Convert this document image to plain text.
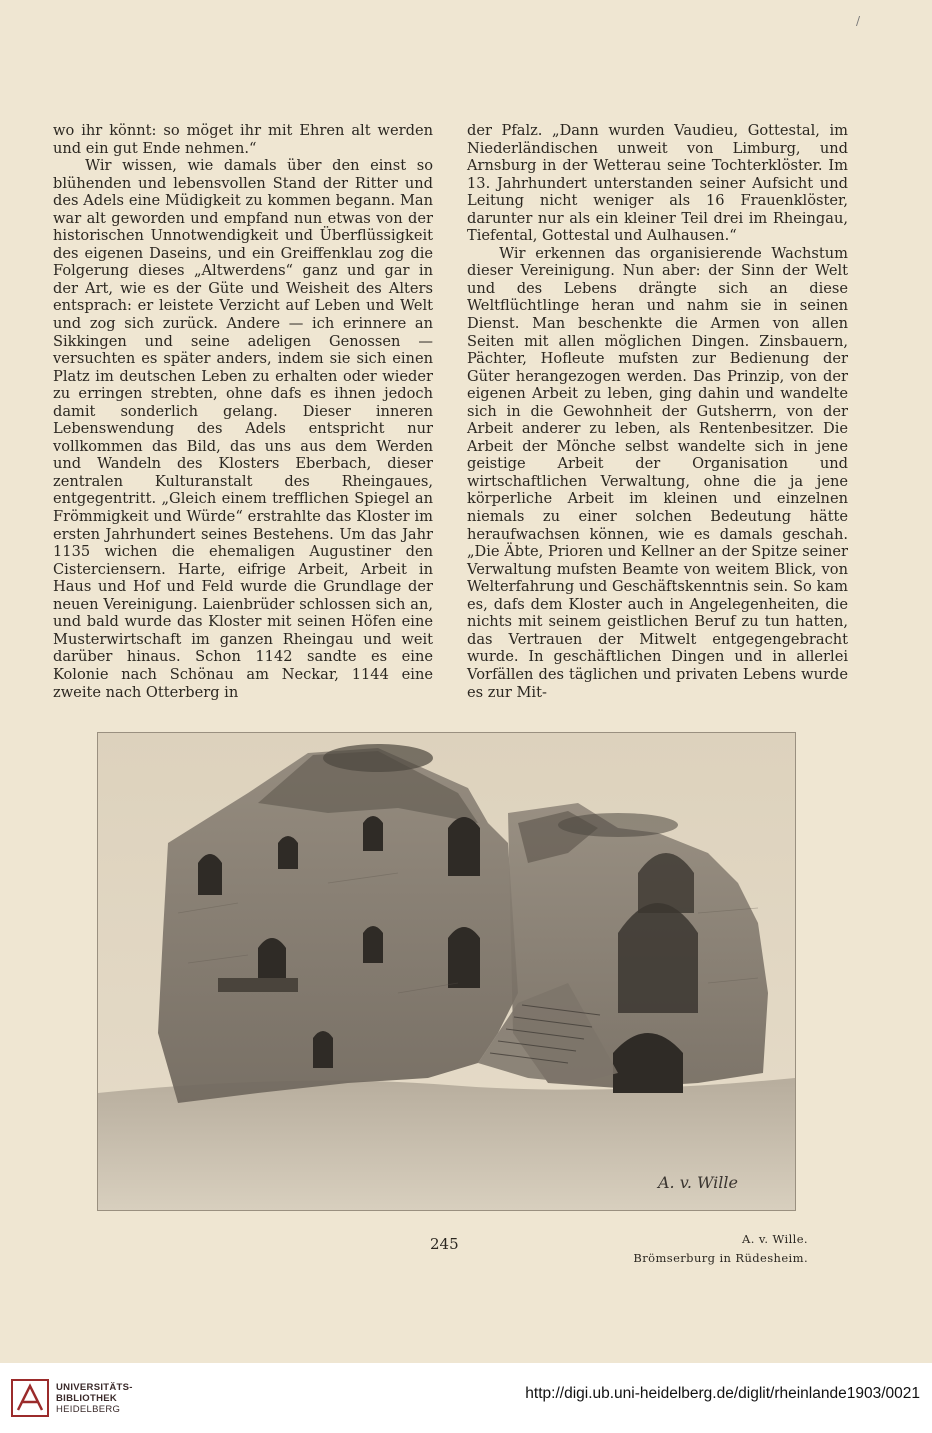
/

wo ihr könnt: so möget ihr mit Ehren alt werden und ein gut Ende nehmen.“

Wir wissen, wie damals über den einst so blühenden und lebensvollen Stand der Ritter und des Adels eine Müdigkeit zu kommen begann. Man war alt geworden und empfand nun etwas von der historischen Unnotwendigkeit und Überflüssigkeit des eigenen Daseins, und ein Greiffenklau zog die Folgerung dieses „Altwerdens“ ganz und gar in der Art, wie es der Güte und Weisheit des Alters entsprach: er leistete Verzicht auf Leben und Welt und zog sich zurück. Andere — ich erinnere an Sikkingen und seine adeligen Genossen — versuchten es später anders, indem sie sich einen Platz im deutschen Leben zu erhalten oder wieder zu erringen strebten, ohne dafs es ihnen jedoch damit sonderlich gelang. Dieser inneren Lebenswendung des Adels entspricht nur vollkommen das Bild, das uns aus dem Werden und Wandeln des Klosters Eberbach, dieser zentralen Kulturanstalt des Rheingaues, entgegentritt. „Gleich einem trefflichen Spiegel an Frömmigkeit und Würde“ erstrahlte das Kloster im ersten Jahrhundert seines Bestehens. Um das Jahr 1135 wichen die ehemaligen Augustiner den Cisterciensern. Harte, eifrige Arbeit, Arbeit in Haus und Hof und Feld wurde die Grundlage der neuen Vereinigung. Laienbrüder schlossen sich an, und bald wurde das Kloster mit seinen Höfen eine Musterwirtschaft im ganzen Rheingau und weit darüber hinaus. Schon 1142 sandte es eine Kolonie nach Schönau am Neckar, 1144 eine zweite nach Otterberg in

der Pfalz. „Dann wurden Vaudieu, Gottestal, im Niederländischen unweit von Limburg, und Arnsburg in der Wetterau seine Tochterklöster. Im 13. Jahrhundert unterstanden seiner Aufsicht und Leitung nicht weniger als 16 Frauenklöster, darunter nur als ein kleiner Teil drei im Rheingau, Tiefental, Gottestal und Aulhausen.“

Wir erkennen das organisierende Wachstum dieser Vereinigung. Nun aber: der Sinn der Welt und des Lebens drängte sich an diese Weltflüchtlinge heran und nahm sie in seinen Dienst. Man beschenkte die Armen von allen Seiten mit allen möglichen Dingen. Zinsbauern, Pächter, Hofleute mufsten zur Bedienung der Güter herangezogen werden. Das Prinzip, von der eigenen Arbeit zu leben, ging dahin und wandelte sich in die Gewohnheit der Gutsherrn, von der Arbeit anderer zu leben, als Rentenbesitzer. Die Arbeit der Mönche selbst wandelte sich in jene geistige Arbeit der Organisation und wirtschaftlichen Verwaltung, ohne die ja jene körperliche Arbeit im kleinen und einzelnen niemals zu einer solchen Bedeutung hätte heraufwachsen können, wie es damals geschah. „Die Äbte, Prioren und Kellner an der Spitze seiner Verwaltung mufsten Beamte von weitem Blick, von Welterfahrung und Geschäftskenntnis sein. So kam es, dafs dem Kloster auch in Angelegenheiten, die nichts mit seinem geistlichen Beruf zu tun hatten, das Vertrauen der Mitwelt entgegengebracht wurde. In geschäftlichen Dingen und in allerlei Vorfällen des täglichen und privaten Lebens wurde es zur Mit-

A. v. Wille
245	A. v. Wille.
Brömserburg in Rüdesheim.
UNIVERSITÄTS-
BIBLIOTHEK
HEIDELBERG
http://digi.ub.uni-heidelberg.de/diglit/rheinlande1903/0021
